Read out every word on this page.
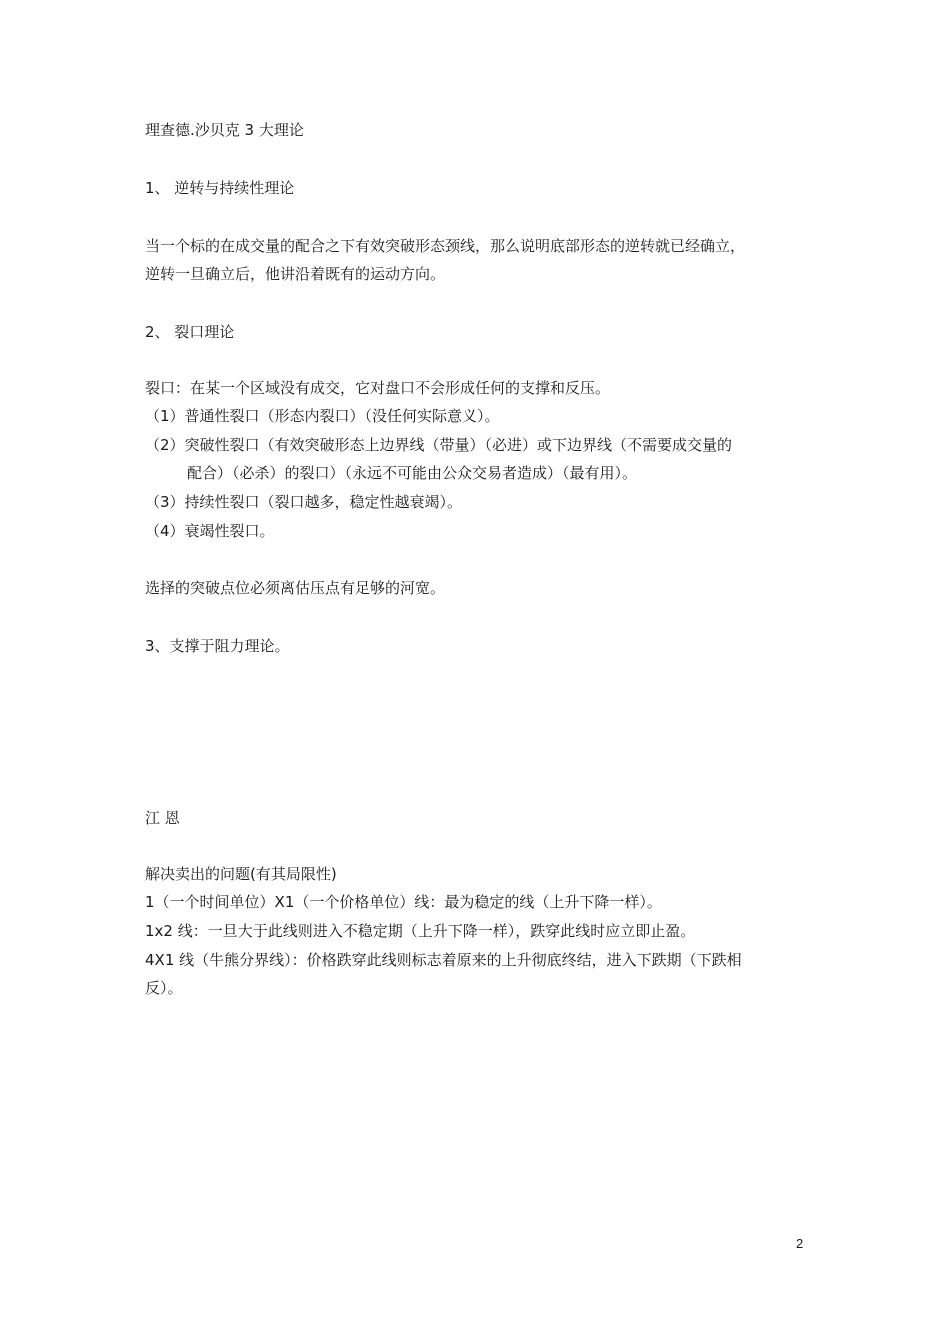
理查德.沙贝克 3 大理论
1、 逆转与持续性理论
当一个标的在成交量的配合之下有效突破形态颈线，那么说明底部形态的逆转就已经确立，
逆转一旦确立后，他讲沿着既有的运动方向。
2、 裂口理论
裂口：在某一个区域没有成交，它对盘口不会形成任何的支撑和反压。
（1）普通性裂口（形态内裂口）（没任何实际意义）。
（2）突破性裂口（有效突破形态上边界线（带量）（必进）或下边界线（不需要成交量的
配合）（必杀）的裂口）（永远不可能由公众交易者造成）（最有用）。
（3）持续性裂口（裂口越多，稳定性越衰竭）。
（4）衰竭性裂口。
选择的突破点位必须离估压点有足够的河宽。
3、支撑于阻力理论。
江 恩
解决卖出的问题(有其局限性)
1（一个时间单位）X1（一个价格单位）线：最为稳定的线（上升下降一样）。
1x2 线：一旦大于此线则进入不稳定期（上升下降一样），跌穿此线时应立即止盈。
4X1 线（牛熊分界线）：价格跌穿此线则标志着原来的上升彻底终结，进入下跌期（下跌相
反）。
2
